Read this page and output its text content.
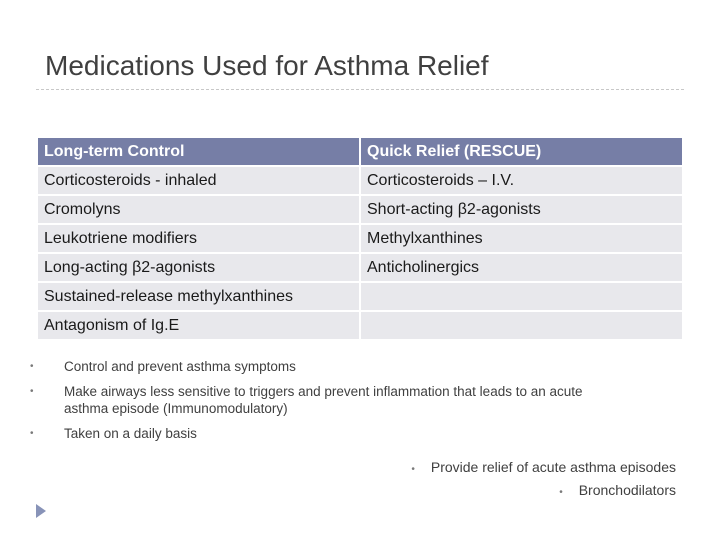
Medications Used for Asthma Relief
Long-term Control	Quick Relief (RESCUE)
Corticosteroids - inhaled	Corticosteroids – I.V.
Cromolyns	Short-acting β2-agonists
Leukotriene modifiers	Methylxanthines
Long-acting β2-agonists	Anticholinergics
Sustained-release methylxanthines	
Antagonism of Ig.E	
• Control and prevent asthma symptoms
• Make airways less sensitive to triggers and prevent inflammation that leads to an acute asthma episode (Immunomodulatory)
• Taken on a daily basis
• Provide relief of acute asthma episodes
• Bronchodilators
